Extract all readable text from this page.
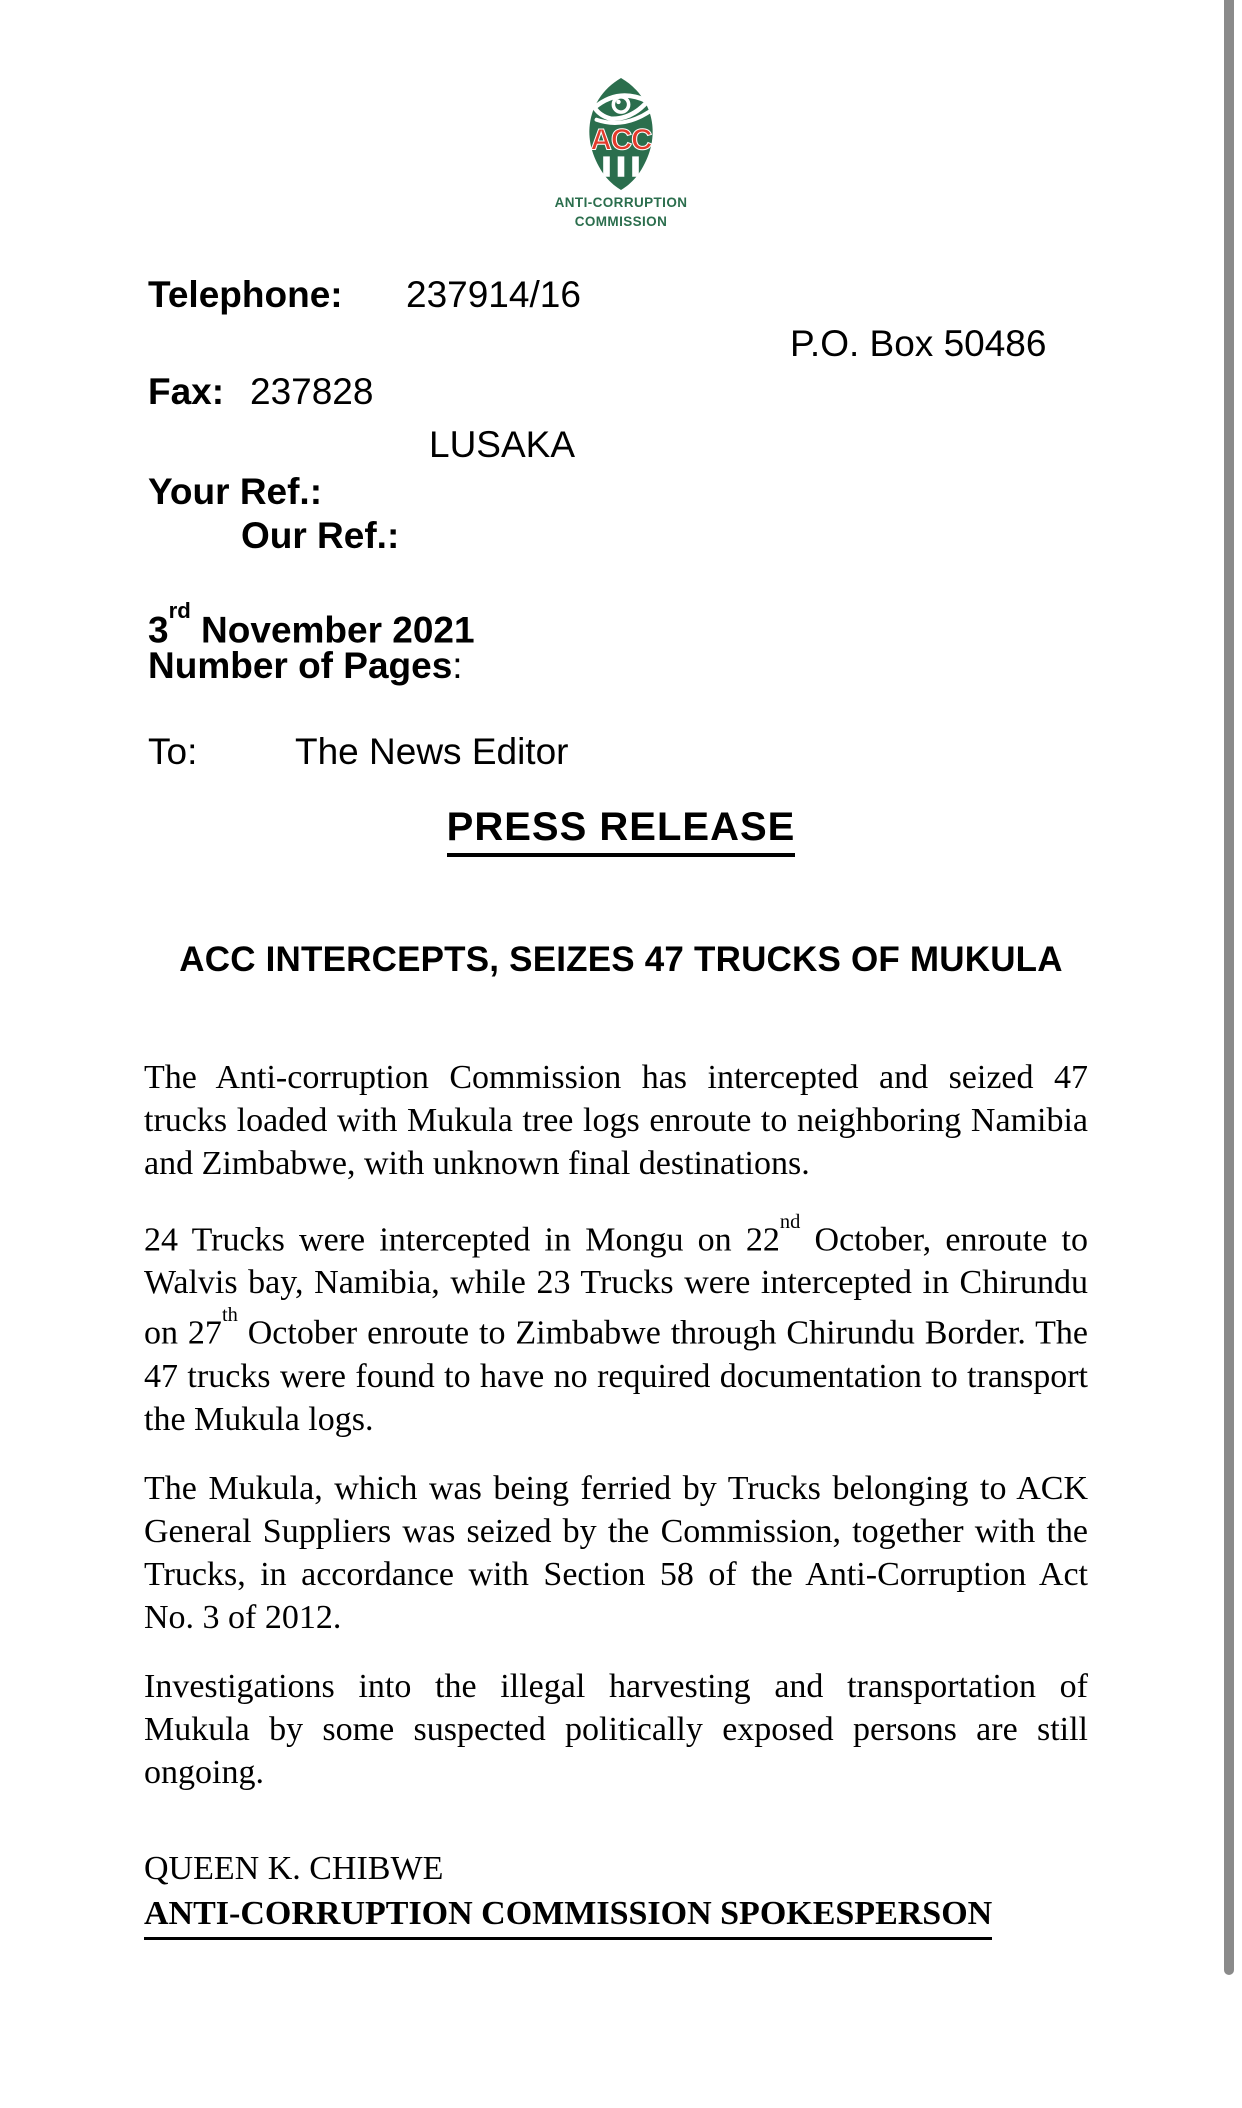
ACC
ANTI-CORRUPTION
COMMISSION
Telephone: 237914/16
P.O. Box 50486
Fax: 237828
LUSAKA
Your Ref.:
Our Ref.:
3rd November 2021
Number of Pages:
To:	The News Editor
PRESS RELEASE
ACC INTERCEPTS, SEIZES 47 TRUCKS OF MUKULA

The Anti-corruption Commission has intercepted and seized 47 trucks loaded with Mukula tree logs enroute to neighboring Namibia and Zimbabwe, with unknown final destinations.

24 Trucks were intercepted in Mongu on 22nd October, enroute to Walvis bay, Namibia, while 23 Trucks were intercepted in Chirundu on 27th October enroute to Zimbabwe through Chirundu Border. The 47 trucks were found to have no required documentation to transport the Mukula logs.

The Mukula, which was being ferried by Trucks belonging to ACK General Suppliers was seized by the Commission, together with the Trucks, in accordance with Section 58 of the Anti-Corruption Act No. 3 of 2012.

Investigations into the illegal harvesting and transportation of Mukula by some suspected politically exposed persons are still ongoing.

QUEEN K. CHIBWE
ANTI-CORRUPTION COMMISSION SPOKESPERSON
